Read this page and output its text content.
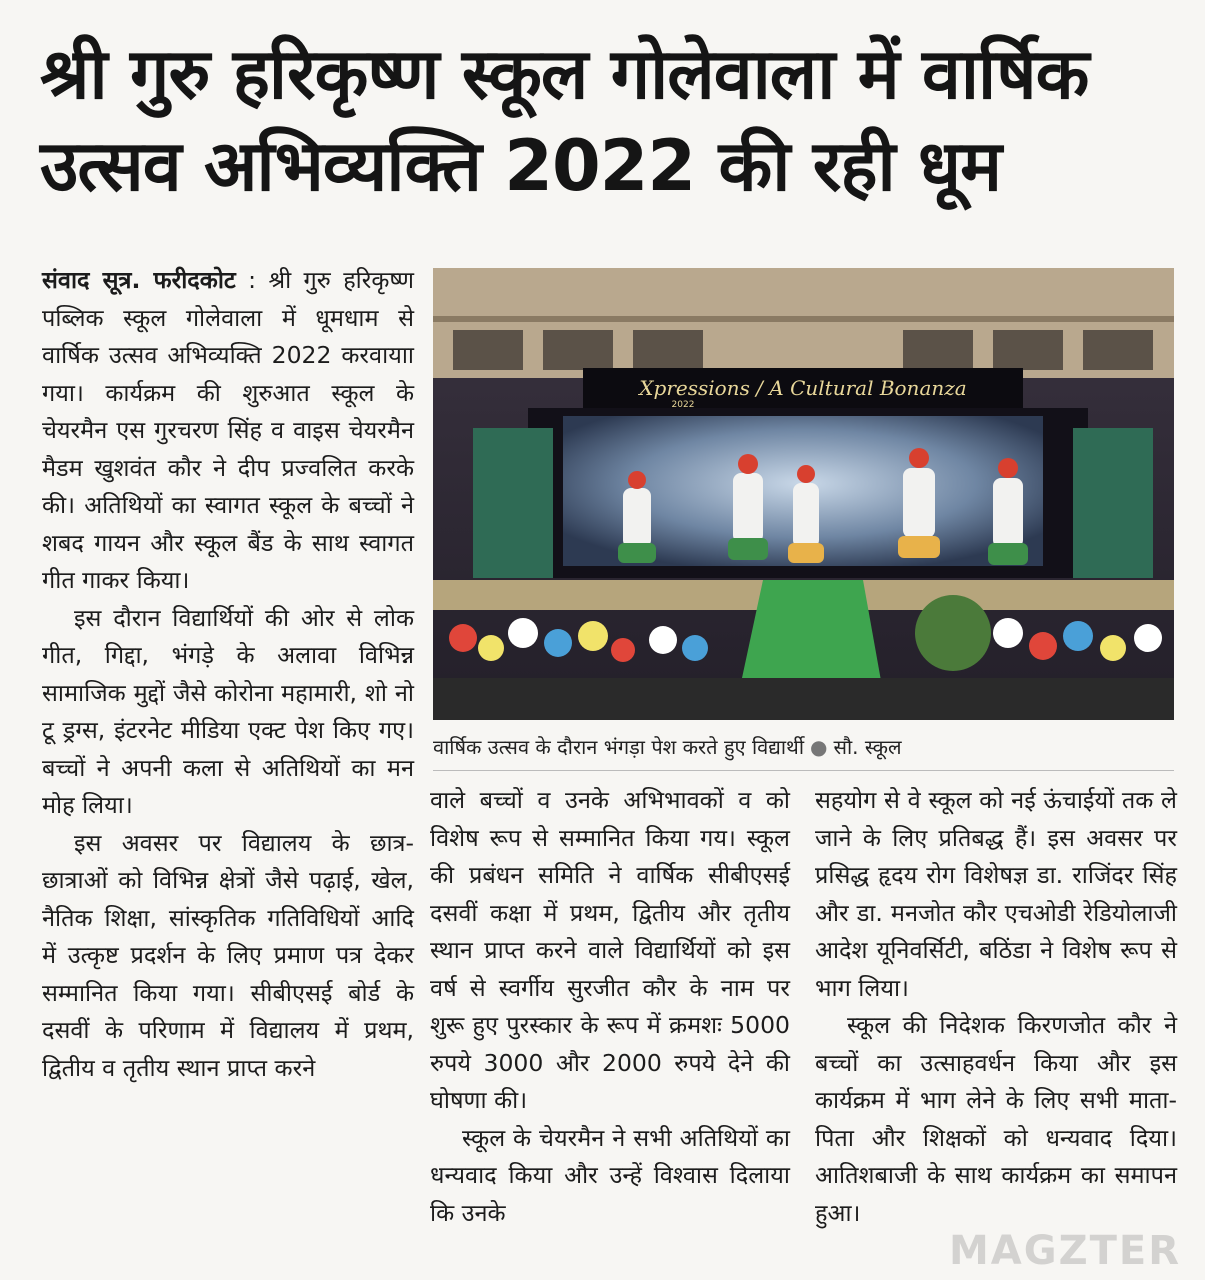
श्री गुरु हरिकृष्ण स्कूल गोलेवाला में वार्षिक
उत्सव अभिव्यक्ति 2022 की रही धूम

संवाद सूत्र. फरीदकोट : श्री गुरु हरिकृष्ण पब्लिक स्कूल गोलेवाला में धूमधाम से वार्षिक उत्सव अभिव्यक्ति 2022 करवायाा गया। कार्यक्रम की शुरुआत स्कूल के चेयरमैन एस गुरचरण सिंह व वाइस चेयरमैन मैडम खुशवंत कौर ने दीप प्रज्वलित करके की। अतिथियों का स्वागत स्कूल के बच्चों ने शबद गायन और स्कूल बैंड के साथ स्वागत गीत गाकर किया।

इस दौरान विद्यार्थियों की ओर से लोक गीत, गिद्दा, भंगड़े के अलावा विभिन्न सामाजिक मुद्दों जैसे कोरोना महामारी, शो नो टू ड्रग्स, इंटरनेट मीडिया एक्ट पेश किए गए। बच्चों ने अपनी कला से अतिथियों का मन मोह लिया।

इस अवसर पर विद्यालय के छात्र-छात्राओं को विभिन्न क्षेत्रों जैसे पढ़ाई, खेल, नैतिक शिक्षा, सांस्कृतिक गतिविधियों आदि में उत्कृष्ट प्रदर्शन के लिए प्रमाण पत्र देकर सम्मानित किया गया। सीबीएसई बोर्ड के दसवीं के परिणाम में विद्यालय में प्रथम, द्वितीय व तृतीय स्थान प्राप्त करने

Xpressions / A Cultural Bonanza
2022
वार्षिक उत्सव के दौरान भंगड़ा पेश करते हुए विद्यार्थी ● सौ. स्कूल

वाले बच्चों व उनके अभिभावकों व को विशेष रूप से सम्मानित किया गय। स्कूल की प्रबंधन समिति ने वार्षिक सीबीएसई दसवीं कक्षा में प्रथम, द्वितीय और तृतीय स्थान प्राप्त करने वाले विद्यार्थियों को इस वर्ष से स्वर्गीय सुरजीत कौर के नाम पर शुरू हुए पुरस्कार के रूप में क्रमशः 5000 रुपये 3000 और 2000 रुपये देने की घोषणा की।

स्कूल के चेयरमैन ने सभी अतिथियों का धन्यवाद किया और उन्हें विश्वास दिलाया कि उनके

सहयोग से वे स्कूल को नई ऊंचाईयों तक ले जाने के लिए प्रतिबद्ध हैं। इस अवसर पर प्रसिद्ध हृदय रोग विशेषज्ञ डा. राजिंदर सिंह और डा. मनजोत कौर एचओडी रेडियोलाजी आदेश यूनिवर्सिटी, बठिंडा ने विशेष रूप से भाग लिया।

स्कूल की निदेशक किरणजोत कौर ने बच्चों का उत्साहवर्धन किया और इस कार्यक्रम में भाग लेने के लिए सभी माता-पिता और शिक्षकों को धन्यवाद दिया। आतिशबाजी के साथ कार्यक्रम का समापन हुआ।

MAGZTER
